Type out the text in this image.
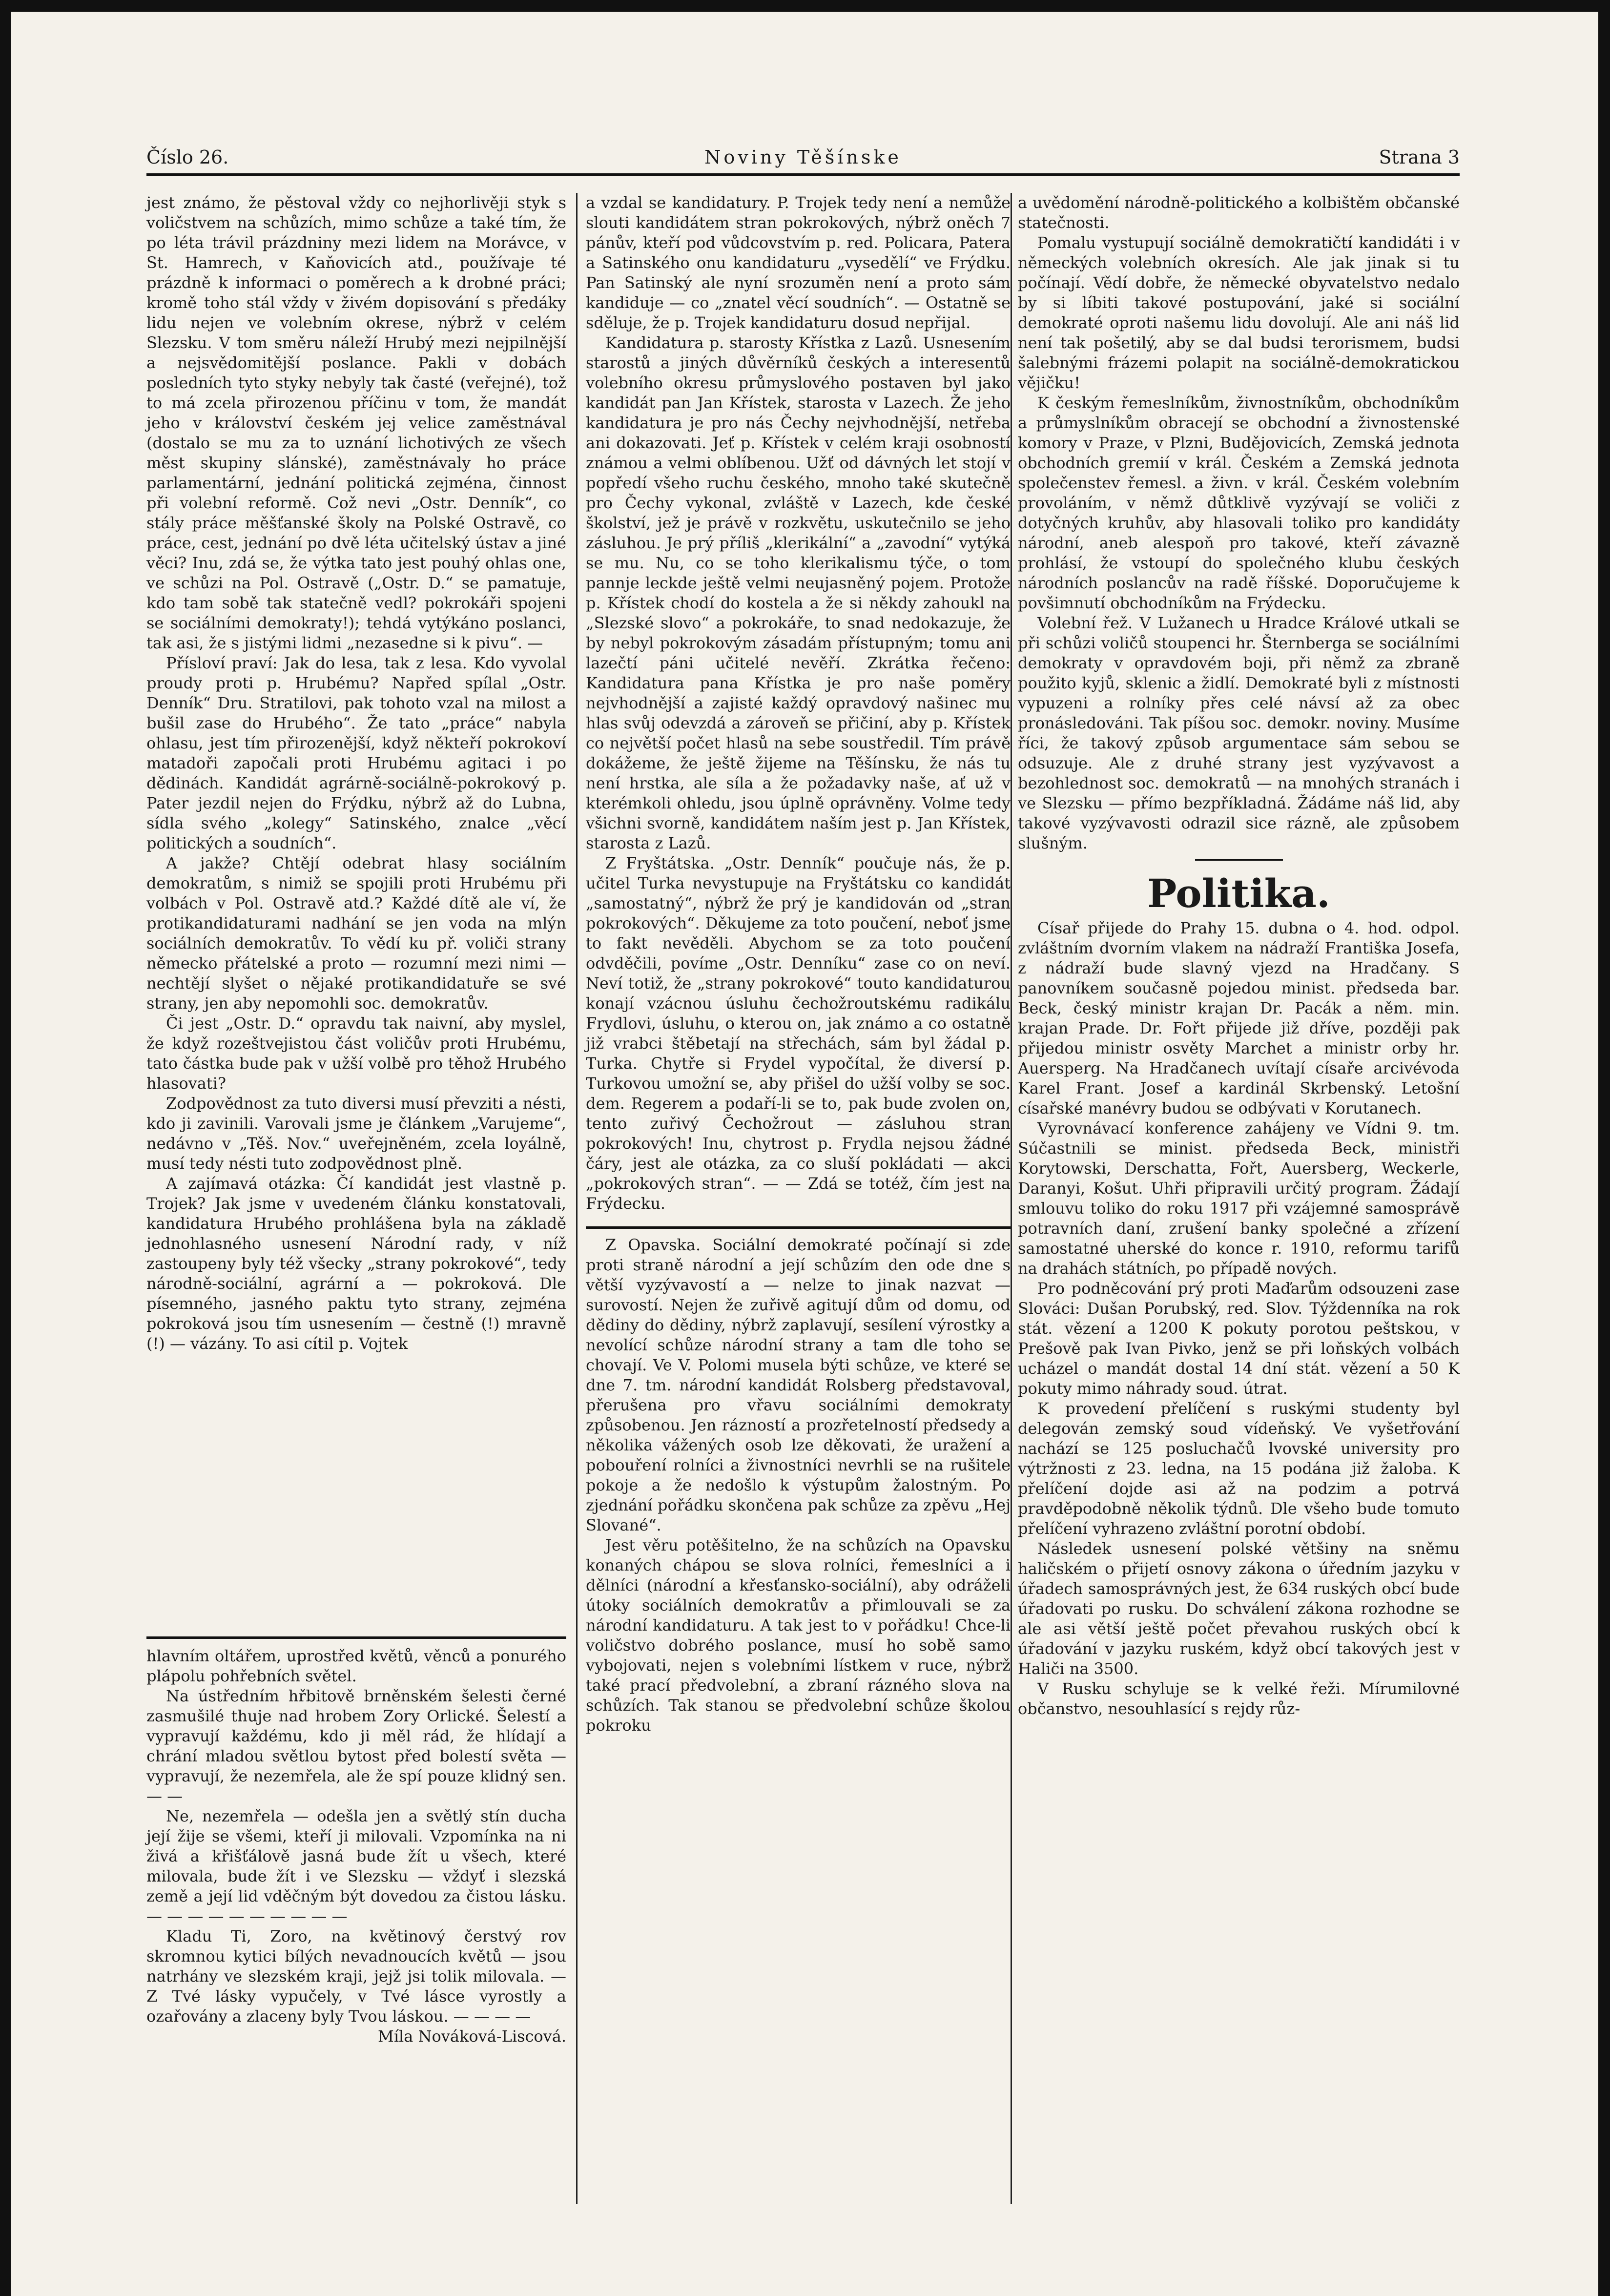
Číslo 26.	Noviny Těšínske	Strana 3

jest známo, že pěstoval vždy co nejhorlivěji styk s voličstvem na schůzích, mimo schůze a také tím, že po léta trávil prázdniny mezi lidem na Morávce, v St. Hamrech, v Kaňovicích atd., používaje té prázdně k informaci o poměrech a k drobné práci; kromě toho stál vždy v živém dopisování s předáky lidu nejen ve volebním okrese, nýbrž v celém Slezsku. V tom směru náleží Hrubý mezi nejpilnější a nejsvědomitější poslance. Pakli v dobách posledních tyto styky nebyly tak časté (veřejné), tož to má zcela přirozenou příčinu v tom, že mandát jeho v království českém jej velice zaměstnával (dostalo se mu za to uznání lichotivých ze všech měst skupiny slánské), zaměstnávaly ho práce parlamentární, jednání politická zejména, činnost při volební reformě. Což nevi „Ostr. Denník“, co stály práce měšťanské školy na Polské Ostravě, co práce, cest, jednání po dvě léta učitelský ústav a jiné věci? Inu, zdá se, že výtka tato jest pouhý ohlas one, ve schůzi na Pol. Ostravě („Ostr. D.“ se pamatuje, kdo tam sobě tak statečně vedl? pokrokáři spojeni se sociálními demokraty!); tehdá vytýkáno poslanci, tak asi, že s jistými lidmi „nezasedne si k pivu“. —

Přísloví praví: Jak do lesa, tak z lesa. Kdo vyvolal proudy proti p. Hrubému? Napřed spílal „Ostr. Denník“ Dru. Stratilovi, pak tohoto vzal na milost a bušil zase do Hrubého“. Že tato „práce“ nabyla ohlasu, jest tím přirozenější, když někteří pokrokoví matadoři započali proti Hrubému agitaci i po dědinách. Kandidát agrárně-sociálně-pokrokový p. Pater jezdil nejen do Frýdku, nýbrž až do Lubna, sídla svého „kolegy“ Satinského, znalce „věcí politických a soudních“.

A jakže? Chtějí odebrat hlasy sociálním demokratům, s nimiž se spojili proti Hrubému při volbách v Pol. Ostravě atd.? Každé dítě ale ví, že protikandidaturami nadhání se jen voda na mlýn sociálních demokratův. To vědí ku př. voliči strany německo přátelské a proto — rozumní mezi nimi — nechtějí slyšet o nějaké protikandidatuře se své strany, jen aby nepomohli soc. demokratův.

Či jest „Ostr. D.“ opravdu tak naivní, aby myslel, že když rozeštvejistou část voličův proti Hrubému, tato částka bude pak v užší volbě pro těhož Hrubého hlasovati?

Zodpovědnost za tuto diversi musí převziti a nésti, kdo ji zavinili. Varovali jsme je článkem „Varujeme“, nedávno v „Těš. Nov.“ uveřejněném, zcela loyálně, musí tedy nésti tuto zodpovědnost plně.

A zajímavá otázka: Čí kandidát jest vlastně p. Trojek? Jak jsme v uvedeném článku konstatovali, kandidatura Hrubého prohlášena byla na základě jednohlasného usnesení Národní rady, v níž zastoupeny byly též všecky „strany pokrokové“, tedy národně-sociální, agrární a — pokroková. Dle písemného, jasného paktu tyto strany, zejména pokroková jsou tím usnesením — čestně (!) mravně (!) — vázány. To asi cítil p. Vojtek

hlavním oltářem, uprostřed květů, věnců a ponurého plápolu pohřebních světel.

Na ústředním hřbitově brněnském šelesti černé zasmušilé thuje nad hrobem Zory Orlické. Šelestí a vypravují každému, kdo ji měl rád, že hlídají a chrání mladou světlou bytost před bolestí světa — vypravují, že nezemřela, ale že spí pouze klidný sen. — —

Ne, nezemřela — odešla jen a světlý stín ducha její žije se všemi, kteří ji milovali. Vzpomínka na ni živá a křišťálově jasná bude žít u všech, které milovala, bude žít i ve Slezsku — vždyť i slezská země a její lid vděčným být dovedou za čistou lásku. — — — — — — — — — —

Kladu Ti, Zoro, na květinový čerstvý rov skromnou kytici bílých nevadnoucích květů — jsou natrhány ve slezském kraji, jejž jsi tolik milovala. — Z Tvé lásky vypučely, v Tvé lásce vyrostly a ozařovány a zlaceny byly Tvou láskou. — — — —

Míla Nováková-Liscová.

a vzdal se kandidatury. P. Trojek tedy není a nemůže slouti kandidátem stran pokrokových, nýbrž oněch 7 pánův, kteří pod vůdcovstvím p. red. Policara, Patera a Satinského onu kandidaturu „vysedělí“ ve Frýdku. Pan Satinský ale nyní srozuměn není a proto sám kandiduje — co „znatel věcí soudních“. — Ostatně se sděluje, že p. Trojek kandidaturu dosud nepřijal.

Kandidatura p. starosty Křístka z Lazů. Usnesením starostů a jiných důvěrníků českých a interesentů volebního okresu průmyslového postaven byl jako kandidát pan Jan Křístek, starosta v Lazech. Že jeho kandidatura je pro nás Čechy nejvhodnější, netřeba ani dokazovati. Jeť p. Křístek v celém kraji osobností známou a velmi oblíbenou. Užť od dávných let stojí v popředí všeho ruchu českého, mnoho také skutečně pro Čechy vykonal, zvláště v Lazech, kde české školství, jež je právě v rozkvětu, uskutečnilo se jeho zásluhou. Je prý příliš „klerikální“ a „zavodní“ vytýká se mu. Nu, co se toho klerikalismu týče, o tom pannje leckde ještě velmi neujasněný pojem. Protože p. Křístek chodí do kostela a že si někdy zahoukl na „Slezské slovo“ a pokrokáře, to snad nedokazuje, že by nebyl pokrokovým zásadám přístupným; tomu ani lazečtí páni učitelé nevěří. Zkrátka řečeno: Kandidatura pana Křístka je pro naše poměry nejvhodnější a zajisté každý opravdový našinec mu hlas svůj odevzdá a zároveň se přičiní, aby p. Křístek co největší počet hlasů na sebe soustředil. Tím právě dokážeme, že ještě žijeme na Těšínsku, že nás tu není hrstka, ale síla a že požadavky naše, ať už v kterémkoli ohledu, jsou úplně oprávněny. Volme tedy všichni svorně, kandidátem naším jest p. Jan Křístek, starosta z Lazů.

Z Fryštátska. „Ostr. Denník“ poučuje nás, že p. učitel Turka nevystupuje na Fryštátsku co kandidát „samostatný“, nýbrž že prý je kandidován od „stran pokrokových“. Děkujeme za toto poučení, neboť jsme to fakt nevěděli. Abychom se za toto poučení odvděčili, povíme „Ostr. Denníku“ zase co on neví. Neví totiž, že „strany pokrokové“ touto kandidaturou konají vzácnou úsluhu čechožroutskému radikálu Frydlovi, úsluhu, o kterou on, jak známo a co ostatně již vrabci štěbetají na střechách, sám byl žádal p. Turka. Chytře si Frydel vypočítal, že diversí p. Turkovou umožní se, aby přišel do užší volby se soc. dem. Regerem a podaří-li se to, pak bude zvolen on, tento zuřivý Čechožrout — zásluhou stran pokrokových! Inu, chytrost p. Frydla nejsou žádné čáry, jest ale otázka, za co sluší pokládati — akci „pokrokových stran“. — — Zdá se totéž, čím jest na Frýdecku.

Z Opavska. Sociální demokraté počínají si zde proti straně národní a její schůzím den ode dne s větší vyzývavostí a — nelze to jinak nazvat — surovostí. Nejen že zuřivě agitují dům od domu, od dědiny do dědiny, nýbrž zaplavují, sesílení výrostky a nevolící schůze národní strany a tam dle toho se chovají. Ve V. Polomi musela býti schůze, ve které se dne 7. tm. národní kandidát Rolsberg představoval, přerušena pro vřavu sociálními demokraty způsobenou. Jen rázností a prozřetelností předsedy a několika vážených osob lze děkovati, že uražení a pobouření rolníci a živnostníci nevrhli se na rušitele pokoje a že nedošlo k výstupům žalostným. Po zjednání pořádku skončena pak schůze za zpěvu „Hej Slované“.

Jest věru potěšitelno, že na schůzích na Opavsku konaných chápou se slova rolníci, řemeslníci a i dělníci (národní a křesťansko-sociální), aby odráželi útoky sociálních demokratův a přimlouvali se za národní kandidaturu. A tak jest to v pořádku! Chce-li voličstvo dobrého poslance, musí ho sobě samo vybojovati, nejen s volebními lístkem v ruce, nýbrž také prací předvolební, a zbraní rázného slova na schůzích. Tak stanou se předvolební schůze školou pokroku

a uvědomění národně-politického a kolbištěm občanské statečnosti.

Pomalu vystupují sociálně demokratičtí kandidáti i v německých volebních okresích. Ale jak jinak si tu počínají. Vědí dobře, že německé obyvatelstvo nedalo by si líbiti takové postupování, jaké si sociální demokraté oproti našemu lidu dovolují. Ale ani náš lid není tak pošetilý, aby se dal budsi terorismem, budsi šalebnými frázemi polapit na sociálně-demokratickou vějičku!

K českým řemeslníkům, živnostníkům, obchodníkům a průmyslníkům obracejí se obchodní a živnostenské komory v Praze, v Plzni, Budějovicích, Zemská jednota obchodních gremií v král. Českém a Zemská jednota společenstev řemesl. a živn. v král. Českém volebním provoláním, v němž důtklivě vyzývají se voliči z dotyčných kruhův, aby hlasovali toliko pro kandidáty národní, aneb alespoň pro takové, kteří závazně prohlásí, že vstoupí do společného klubu českých národních poslancův na radě říšské. Doporučujeme k povšimnutí obchodníkům na Frýdecku.

Volební řež. V Lužanech u Hradce Králové utkali se při schůzi voličů stoupenci hr. Šternberga se sociálními demokraty v opravdovém boji, při němž za zbraně použito kyjů, sklenic a židlí. Demokraté byli z místnosti vypuzeni a rolníky přes celé návsí až za obec pronásledováni. Tak píšou soc. demokr. noviny. Musíme říci, že takový způsob argumentace sám sebou se odsuzuje. Ale z druhé strany jest vyzývavost a bezohlednost soc. demokratů — na mnohých stranách i ve Slezsku — přímo bezpříkladná. Žádáme náš lid, aby takové vyzývavosti odrazil sice rázně, ale způsobem slušným.

Politika.

Císař přijede do Prahy 15. dubna o 4. hod. odpol. zvláštním dvorním vlakem na nádraží Františka Josefa, z nádraží bude slavný vjezd na Hradčany. S panovníkem současně pojedou minist. předseda bar. Beck, český ministr krajan Dr. Pacák a něm. min. krajan Prade. Dr. Fořt přijede již dříve, později pak přijedou ministr osvěty Marchet a ministr orby hr. Auersperg. Na Hradčanech uvítají císaře arcivévoda Karel Frant. Josef a kardinál Skrbenský. Letošní císařské manévry budou se odbývati v Korutanech.

Vyrovnávací konference zahájeny ve Vídni 9. tm. Súčastnili se minist. předseda Beck, ministři Korytowski, Derschatta, Fořt, Auersberg, Weckerle, Daranyi, Košut. Uhři připravili určitý program. Žádají smlouvu toliko do roku 1917 při vzájemné samosprávě potravních daní, zrušení banky společné a zřízení samostatné uherské do konce r. 1910, reformu tarifů na drahách státních, po případě nových.

Pro podněcování prý proti Maďarům odsouzeni zase Slováci: Dušan Porubský, red. Slov. Týždenníka na rok stát. vězení a 1200 K pokuty porotou peštskou, v Prešově pak Ivan Pivko, jenž se při loňských volbách ucházel o mandát dostal 14 dní stát. vězení a 50 K pokuty mimo náhrady soud. útrat.

K provedení přelíčení s ruskými studenty byl delegován zemský soud vídeňský. Ve vyšetřování nachází se 125 posluchačů lvovské university pro výtržnosti z 23. ledna, na 15 podána již žaloba. K přelíčení dojde asi až na podzim a potrvá pravděpodobně několik týdnů. Dle všeho bude tomuto přelíčení vyhrazeno zvláštní porotní období.

Následek usnesení polské většiny na sněmu haličském o přijetí osnovy zákona o úředním jazyku v úřadech samosprávných jest, že 634 ruských obcí bude úřadovati po rusku. Do schválení zákona rozhodne se ale asi větší ještě počet převahou ruských obcí k úřadování v jazyku ruském, když obcí takových jest v Haliči na 3500.

V Rusku schyluje se k velké řeži. Mírumilovné občanstvo, nesouhlasící s rejdy růz-
